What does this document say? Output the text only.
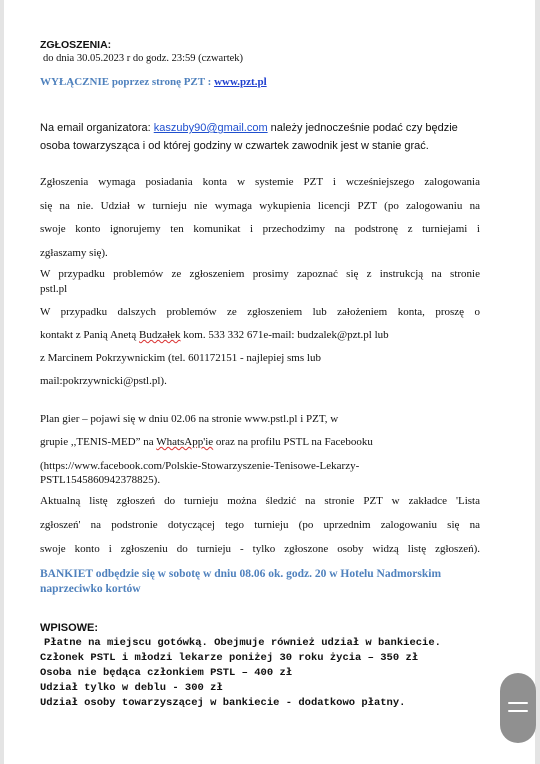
ZGŁOSZENIA:
do dnia 30.05.2023 r do godz. 23:59 (czwartek)
WYŁĄCZNIE poprzez stronę PZT : www.pzt.pl
Na email organizatora: kaszuby90@gmail.com należy jednocześnie podać czy będzie
osoba towarzysząca i od której godziny w czwartek zawodnik jest w stanie grać.
Zgłoszenia wymaga posiadania konta w systemie PZT i wcześniejszego zalogowania
się na nie. Udział w turnieju nie wymaga wykupienia licencji PZT (po zalogowaniu na
swoje konto ignorujemy ten komunikat i przechodzimy na podstronę z turniejami i
zgłaszamy się).
W przypadku problemów ze zgłoszeniem prosimy zapoznać się z instrukcją na stronie
pstl.pl
W przypadku dalszych problemów ze zgłoszeniem lub założeniem konta, proszę o
kontakt z Panią Anetą Budzałek kom. 533 332 671e-mail: budzalek@pzt.pl lub
z Marcinem Pokrzywnickim (tel. 601172151 - najlepiej sms lub
mail:pokrzywnicki@pstl.pl).
Plan gier – pojawi się w dniu 02.06 na stronie www.pstl.pl i PZT, w
grupie ,,TENIS-MED” na WhatsApp'ie oraz na profilu PSTL na Facebooku
(https://www.facebook.com/Polskie-Stowarzyszenie-Tenisowe-Lekarzy-
PSTL1545860942378825).
Aktualną listę zgłoszeń do turnieju można śledzić na stronie PZT w zakładce 'Lista
zgłoszeń' na podstronie dotyczącej tego turnieju (po uprzednim zalogowaniu się na
swoje konto i zgłoszeniu do turnieju - tylko zgłoszone osoby widzą listę zgłoszeń).
BANKIET odbędzie się w sobotę w dniu 08.06 ok. godz. 20 w Hotelu Nadmorskim
naprzeciwko kortów
WPISOWE:
Płatne na miejscu gotówką. Obejmuje również udział w bankiecie.
Członek PSTL i młodzi lekarze poniżej 30 roku życia – 350 zł
Osoba nie będąca członkiem PSTL – 400 zł
Udział tylko w deblu - 300 zł
Udział osoby towarzyszącej w bankiecie - dodatkowo płatny.
